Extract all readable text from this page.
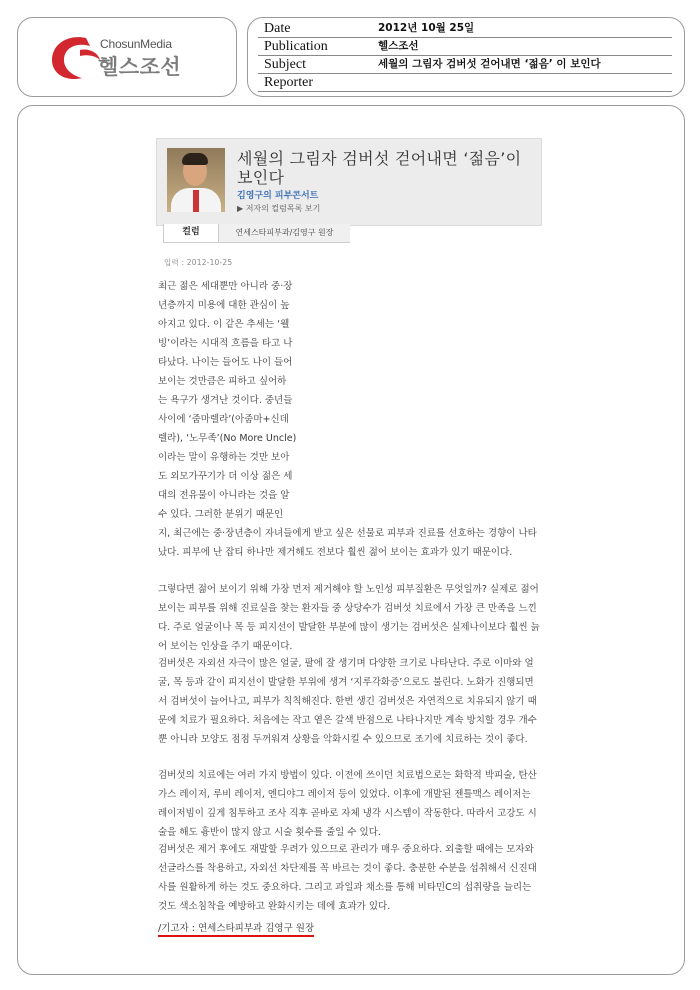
ChosunMedia
헬스조선
Date	2012년 10월 25일
Publication	헬스조선
Subject	세월의 그림자 검버섯 걷어내면 ‘젊음’ 이 보인다
Reporter
세월의 그림자 검버섯 걷어내면 ‘젊음’이 보인다
김영구의 피부콘서트
▶ 저자의 컬럼목록 보기
컬럼	연세스타피부과/김영구 원장
입력 : 2012-10-25
최근 젊은 세대뿐만 아니라 중·장
년층까지 미용에 대한 관심이 높
아지고 있다. 이 같은 추세는 ‘웰
빙’이라는 시대적 흐름을 타고 나
타났다. 나이는 들어도 나이 들어
보이는 것만큼은 피하고 싶어하
는 욕구가 생겨난 것이다. 중년들
사이에 ‘줌마렐라’(아줌마+신데
렐라), ‘노무족’(No More Uncle)
이라는 말이 유행하는 것만 보아
도 외모가꾸기가 더 이상 젊은 세
대의 전유물이 아니라는 것을 알
수 있다. 그러한 분위기 때문인

지, 최근에는 중·장년층이 자녀들에게 받고 싶은 선물로 피부과 진료를 선호하는 경향이 나타났다. 피부에 난 잡티 하나만 제거해도 전보다 훨씬 젊어 보이는 효과가 있기 때문이다.

그렇다면 젊어 보이기 위해 가장 먼저 제거해야 할 노인성 피부질환은 무엇일까? 실제로 젊어 보이는 피부를 위해 진료실을 찾는 환자들 중 상당수가 검버섯 치료에서 가장 큰 만족을 느낀다. 주로 얼굴이나 목 등 피지선이 발달한 부분에 많이 생기는 검버섯은 실제나이보다 훨씬 늙어 보이는 인상을 주기 때문이다.

검버섯은 자외선 자극이 많은 얼굴, 팔에 잘 생기며 다양한 크기로 나타난다. 주로 이마와 얼굴, 목 등과 같이 피지선이 발달한 부위에 생겨 ‘지루각화증’으로도 불린다. 노화가 진행되면서 검버섯이 늘어나고, 피부가 칙칙해진다. 한번 생긴 검버섯은 자연적으로 치유되지 않기 때문에 치료가 필요하다. 처음에는 작고 옅은 갈색 반점으로 나타나지만 계속 방치할 경우 개수뿐 아니라 모양도 점점 두꺼워져 상황을 악화시킬 수 있으므로 조기에 치료하는 것이 좋다.

검버섯의 치료에는 여러 가지 방법이 있다. 이전에 쓰이던 치료법으로는 화학적 박피술, 탄산가스 레이저, 루비 레이저, 엔디야그 레이저 등이 있었다. 이후에 개발된 젠틀맥스 레이저는 레이저빔이 깊게 침투하고 조사 직후 곧바로 자체 냉각 시스템이 작동한다. 따라서 고강도 시술을 해도 흉반이 많지 않고 시술 횟수를 줄일 수 있다.

검버섯은 제거 후에도 재발할 우려가 있으므로 관리가 매우 중요하다. 외출할 때에는 모자와 선글라스를 착용하고, 자외선 차단제를 꼭 바르는 것이 좋다. 충분한 수분을 섭취해서 신진대사를 원활하게 하는 것도 중요하다. 그리고 과일과 채소를 통해 비타민C의 섭취량을 늘리는 것도 색소침착을 예방하고 완화시키는 데에 효과가 있다.

/기고자 : 연세스타피부과 김영구 원장
